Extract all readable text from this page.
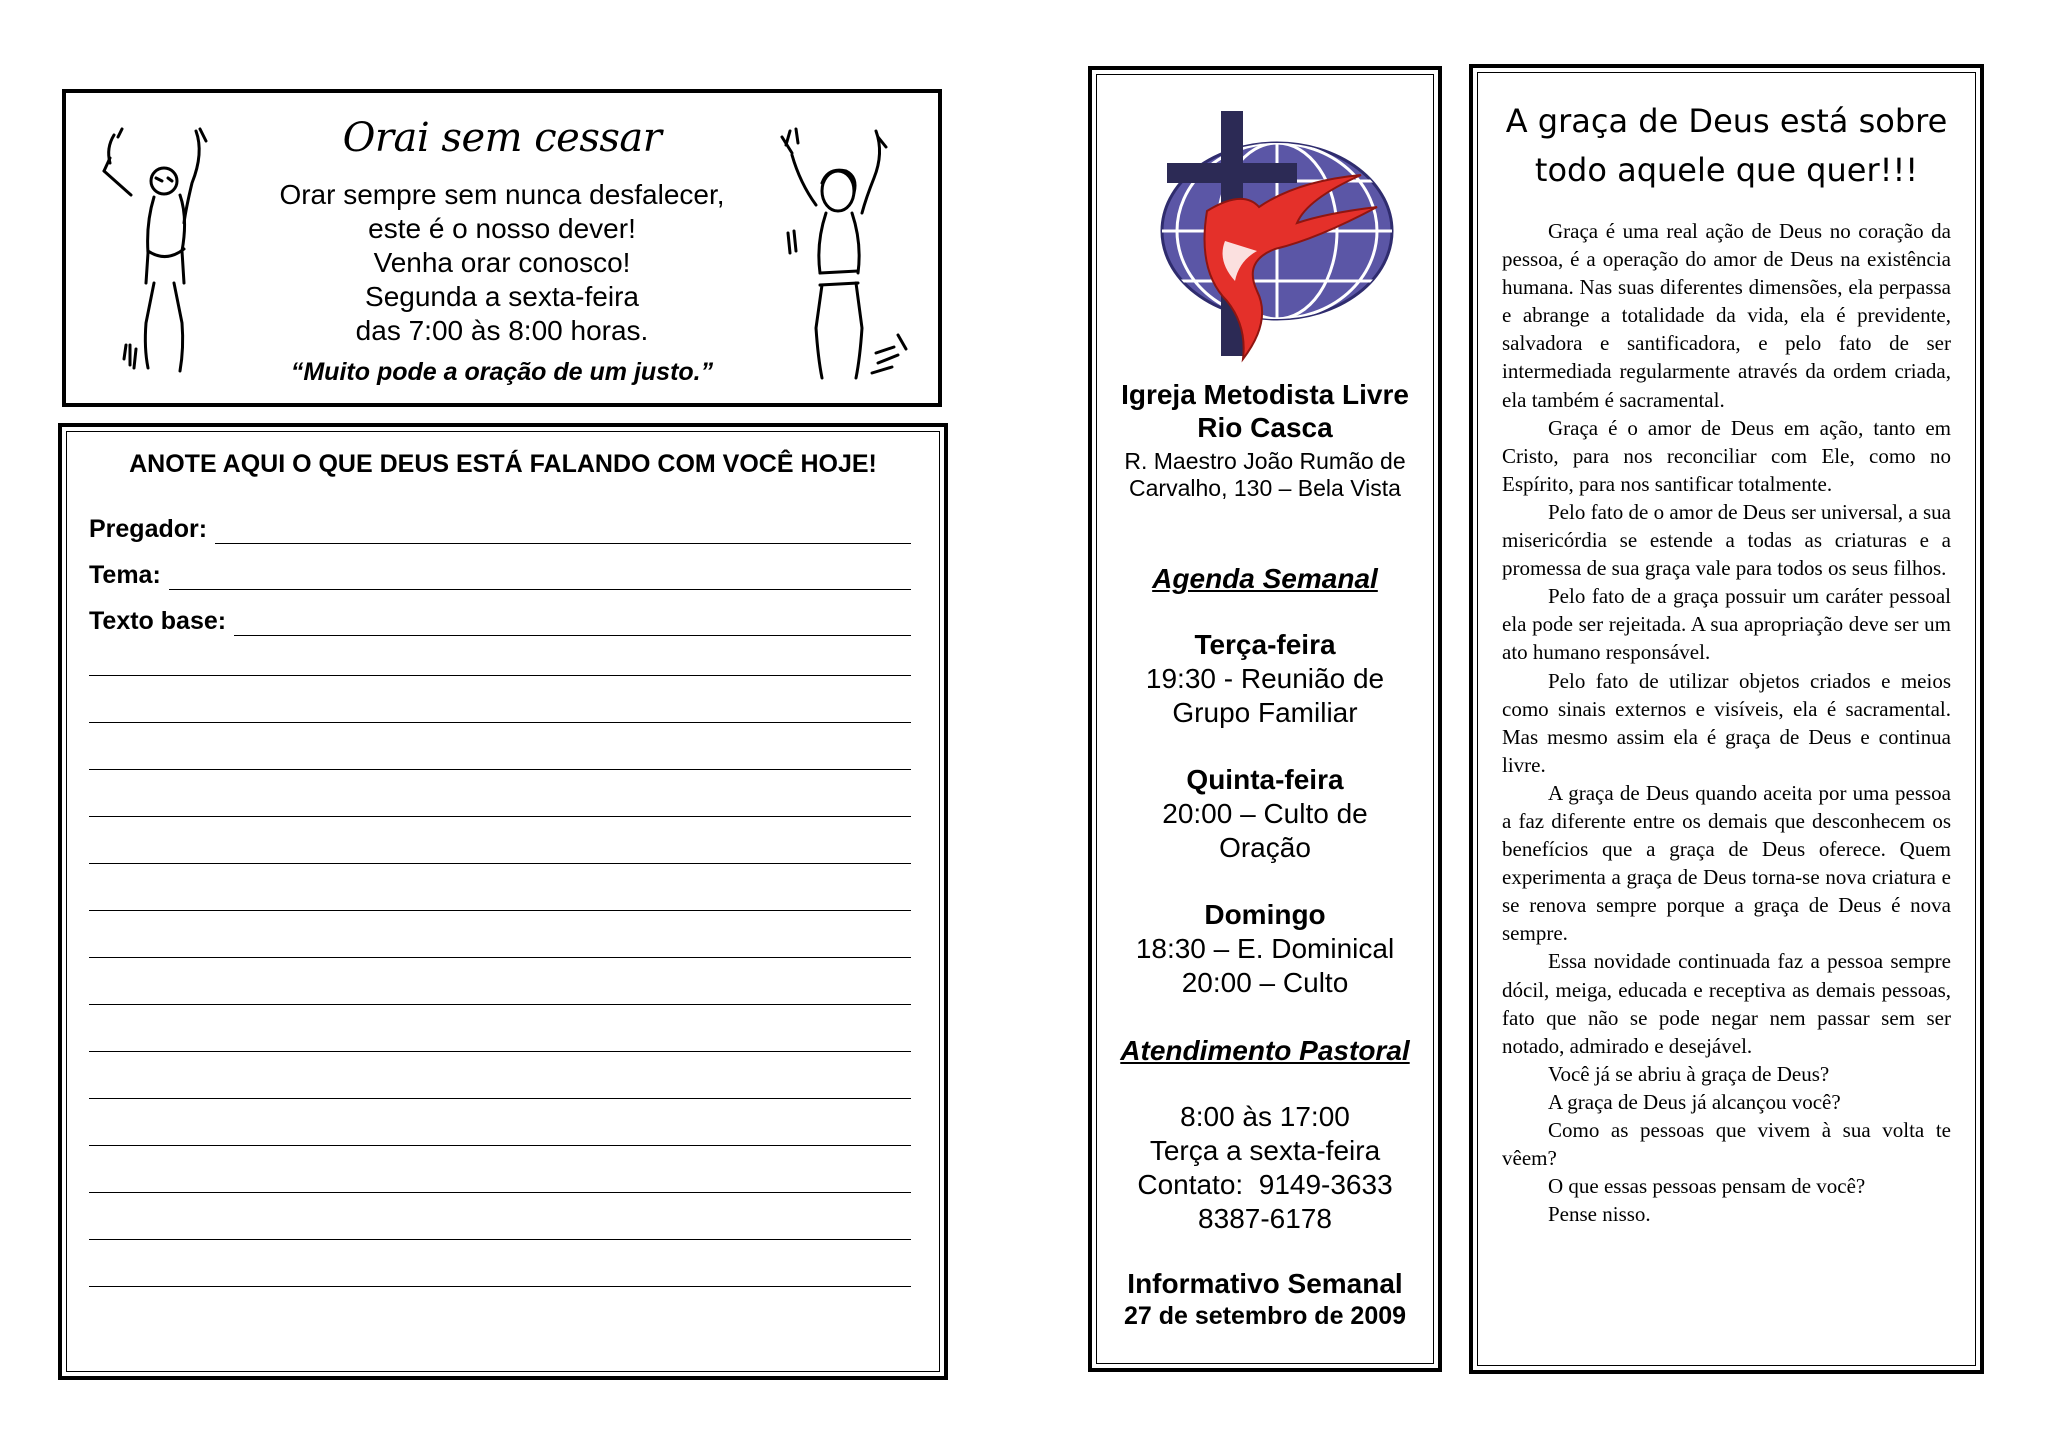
Orai sem cessar
Orar sempre sem nunca desfalecer,
este é o nosso dever!
Venha orar conosco!
Segunda a sexta-feira
das 7:00 às 8:00 horas.
“Muito pode a oração de um justo.”
ANOTE AQUI O QUE DEUS ESTÁ FALANDO COM VOCÊ HOJE!
Pregador:
Tema:
Texto base:
Igreja Metodista Livre
Rio Casca
R. Maestro João Rumão de
Carvalho, 130 – Bela Vista
Agenda Semanal
Terça-feira
19:30 - Reunião de
Grupo Familiar
Quinta-feira
20:00 – Culto de
Oração
Domingo
18:30 – E. Dominical
20:00 – Culto
Atendimento Pastoral
8:00 às 17:00
Terça a sexta-feira
Contato:  9149-3633
8387-6178
Informativo Semanal
27 de setembro de 2009
A graça de Deus está sobre
todo aquele que quer!!!

Graça é uma real ação de Deus no coração da pessoa, é a operação do amor de Deus na existência humana. Nas suas diferentes dimensões, ela perpassa e abrange a totalidade da vida, ela é previdente, salvadora e santificadora, e pelo fato de ser intermediada regularmente através da ordem criada, ela também é sacramental.

Graça é o amor de Deus em ação, tanto em Cristo, para nos reconciliar com Ele, como no Espírito, para nos santificar totalmente.

Pelo fato de o amor de Deus ser universal, a sua misericórdia se estende a todas as criaturas e a promessa de sua graça vale para todos os seus filhos.

Pelo fato de a graça possuir um caráter pessoal ela pode ser rejeitada. A sua apropriação deve ser um ato humano responsável.

Pelo fato de utilizar objetos criados e meios como sinais externos e visíveis, ela é sacramental. Mas mesmo assim ela é graça de Deus e continua livre.

A graça de Deus quando aceita por uma pessoa a faz diferente entre os demais que desconhecem os benefícios que a graça de Deus oferece. Quem experimenta a graça de Deus torna-se nova criatura e se renova sempre porque a graça de Deus é nova sempre.

Essa novidade continuada faz a pessoa sempre dócil, meiga, educada e receptiva as demais pessoas, fato que não se pode negar nem passar sem ser notado, admirado e desejável.

Você já se abriu à graça de Deus?

A graça de Deus já alcançou você?

Como as pessoas que vivem à sua volta te vêem?

O que essas pessoas pensam de você?

Pense nisso.
